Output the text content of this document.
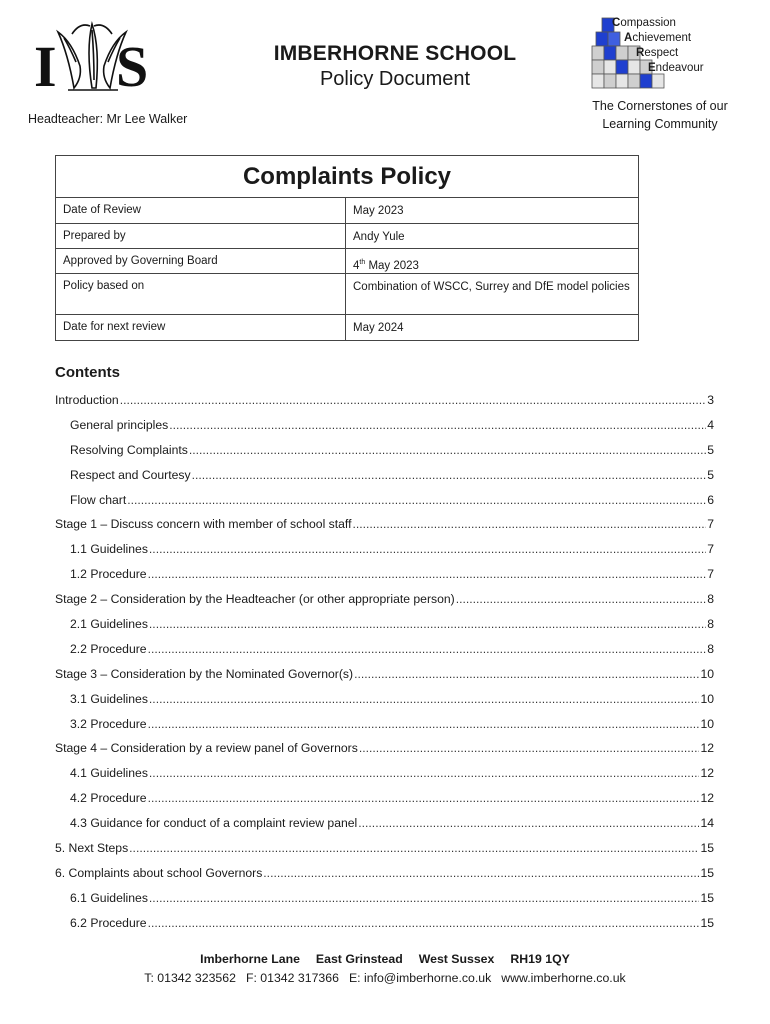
I S	IMBERHORNE SCHOOL
Policy Document
Headteacher: Mr Lee Walker
Compassion
Achievement
Respect
Endeavour
The Cornerstones of our
Learning Community
Complaints Policy
Date of Review	May 2023
Prepared by	Andy Yule
Approved by Governing Board	4th May 2023
Policy based on	Combination of WSCC, Surrey and DfE model policies
Date for next review	May 2024
Contents
Introduction .....	3
General principles .....	4
Resolving Complaints .....	5
Respect and Courtesy .....	5
Flow chart .....	6
Stage 1 – Discuss concern with member of school staff .....	7
1.1 Guidelines .....	7
1.2 Procedure .....	7
Stage 2 – Consideration by the Headteacher (or other appropriate person) .....	8
2.1 Guidelines .....	8
2.2 Procedure .....	8
Stage 3 – Consideration by the Nominated Governor(s) .....	10
3.1 Guidelines .....	10
3.2 Procedure .....	10
Stage 4 – Consideration by a review panel of Governors .....	12
4.1 Guidelines .....	12
4.2 Procedure .....	12
4.3 Guidance for conduct of a complaint review panel .....	14
5. Next Steps .....	15
6. Complaints about school Governors .....	15
6.1 Guidelines .....	15
6.2 Procedure .....	15
Imberhorne Lane East Grinstead West Sussex RH19 1QY
T: 01342 323562 F: 01342 317366 E: info@imberhorne.co.uk www.imberhorne.co.uk
